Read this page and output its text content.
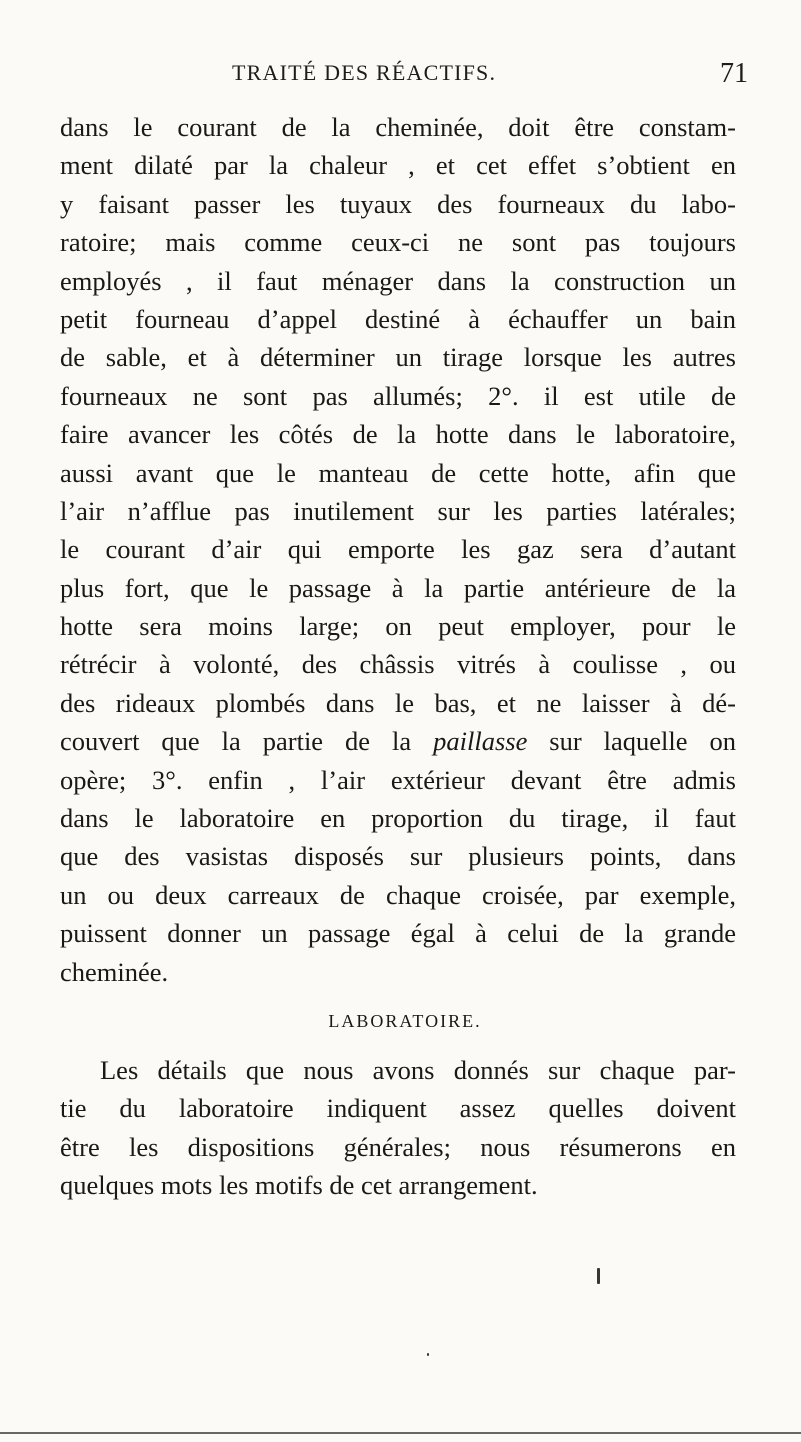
TRAITÉ DES RÉACTIFS.	71
dans le courant de la cheminée, doit être constam-
ment dilaté par la chaleur , et cet effet s’obtient en
y faisant passer les tuyaux des fourneaux du labo-
ratoire; mais comme ceux-ci ne sont pas toujours
employés , il faut ménager dans la construction un
petit fourneau d’appel destiné à échauffer un bain
de sable, et à déterminer un tirage lorsque les autres
fourneaux ne sont pas allumés; 2°. il est utile de
faire avancer les côtés de la hotte dans le laboratoire,
aussi avant que le manteau de cette hotte, afin que
l’air n’afflue pas inutilement sur les parties latérales;
le courant d’air qui emporte les gaz sera d’autant
plus fort, que le passage à la partie antérieure de la
hotte sera moins large; on peut employer, pour le
rétrécir à volonté, des châssis vitrés à coulisse , ou
des rideaux plombés dans le bas, et ne laisser à dé-
couvert que la partie de la paillasse sur laquelle on
opère; 3°. enfin , l’air extérieur devant être admis
dans le laboratoire en proportion du tirage, il faut
que des vasistas disposés sur plusieurs points, dans
un ou deux carreaux de chaque croisée, par exemple,
puissent donner un passage égal à celui de la grande
cheminée.
LABORATOIRE.
Les détails que nous avons donnés sur chaque par-
tie du laboratoire indiquent assez quelles doivent
être les dispositions générales; nous résumerons en
quelques mots les motifs de cet arrangement.
